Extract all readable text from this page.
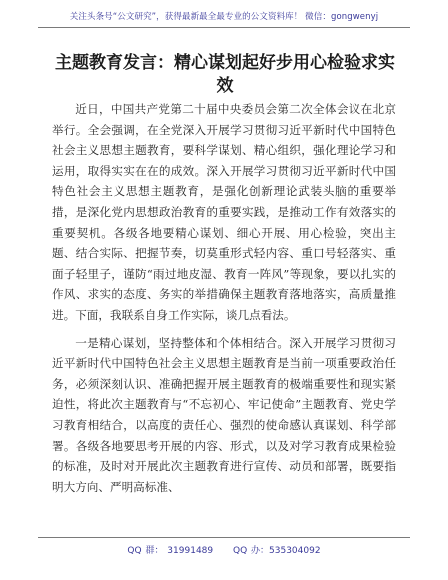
关注头条号“公文研究”，获得最新最全最专业的公文资料库！ 微信：gongwenyj
主题教育发言：精心谋划起好步用心检验求实效

近日，中国共产党第二十届中央委员会第二次全体会议在北京举行。全会强调，在全党深入开展学习贯彻习近平新时代中国特色社会主义思想主题教育，要科学谋划、精心组织，强化理论学习和运用，取得实实在在的成效。深入开展学习贯彻习近平新时代中国特色社会主义思想主题教育，是强化创新理论武装头脑的重要举措，是深化党内思想政治教育的重要实践，是推动工作有效落实的重要契机。各级各地要精心谋划、细心开展、用心检验，突出主题、结合实际、把握节奏，切莫重形式轻内容、重口号轻落实、重面子轻里子，谨防“雨过地皮湿、教育一阵风”等现象，要以扎实的作风、求实的态度、务实的举措确保主题教育落地落实，高质量推进。下面，我联系自身工作实际，谈几点看法。

一是精心谋划，坚持整体和个体相结合。深入开展学习贯彻习近平新时代中国特色社会主义思想主题教育是当前一项重要政治任务，必须深刻认识、准确把握开展主题教育的极端重要性和现实紧迫性，将此次主题教育与“不忘初心、牢记使命”主题教育、党史学习教育相结合，以高度的责任心、强烈的使命感认真谋划、科学部署。各级各地要思考开展的内容、形式，以及对学习教育成果检验的标准，及时对开展此次主题教育进行宣传、动员和部署，既要指明大方向、严明高标准、

QQ 群： 31991489 QQ 办：535304092
